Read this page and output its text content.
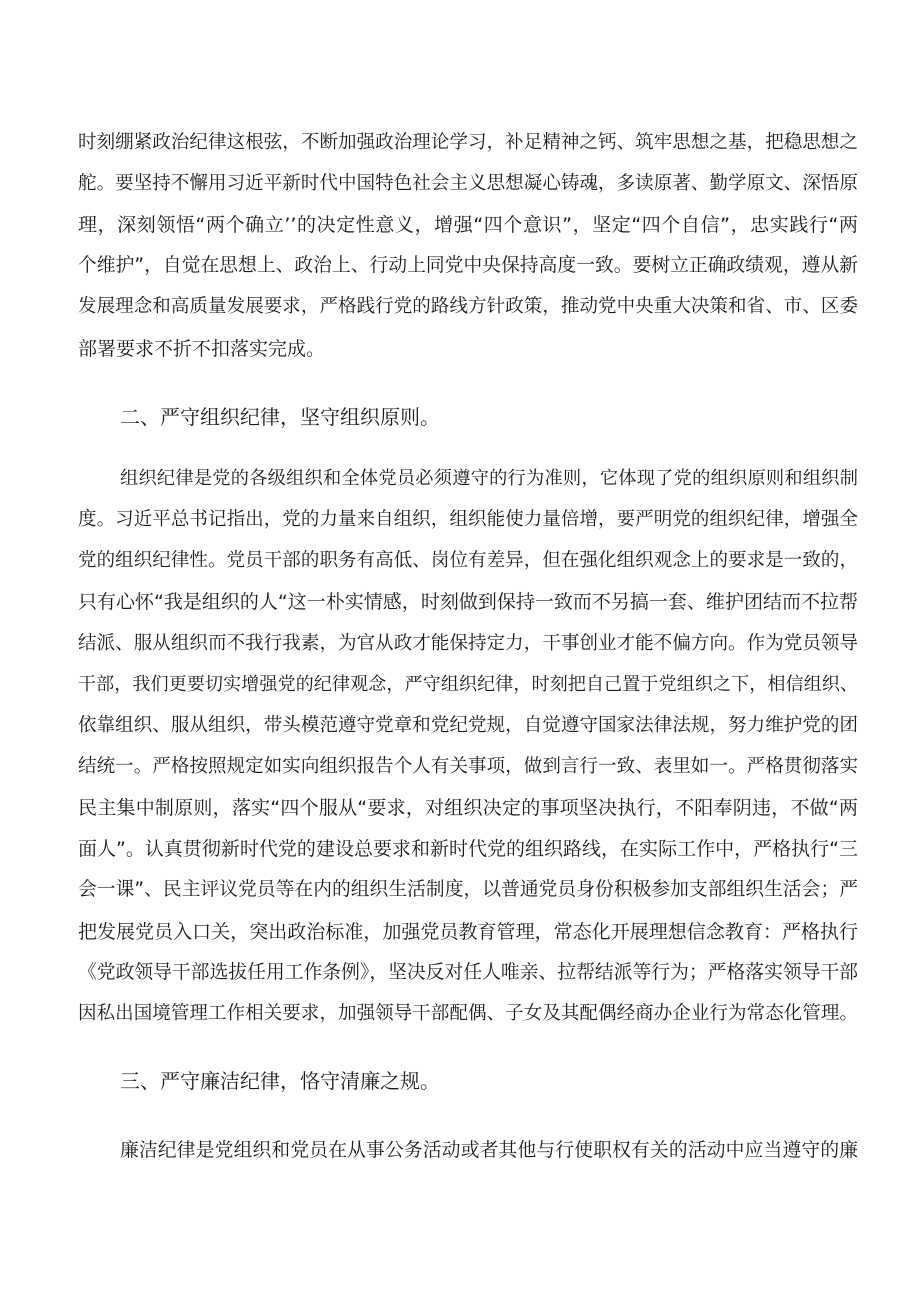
时刻绷紧政治纪律这根弦，不断加强政治理论学习，补足精神之钙、筑牢思想之基，把稳思想之
舵。要坚持不懈用习近平新时代中国特色社会主义思想凝心铸魂，多读原著、勤学原文、深悟原
理，深刻领悟“两个确立’’的决定性意义，增强“四个意识”，坚定“四个自信”，忠实践行“两
个维护”，自觉在思想上、政治上、行动上同党中央保持高度一致。要树立正确政绩观，遵从新
发展理念和高质量发展要求，严格践行党的路线方针政策，推动党中央重大决策和省、市、区委
部署要求不折不扣落实完成。
二、严守组织纪律，坚守组织原则。
组织纪律是党的各级组织和全体党员必须遵守的行为准则，它体现了党的组织原则和组织制
度。习近平总书记指出，党的力量来自组织，组织能使力量倍增，要严明党的组织纪律，增强全
党的组织纪律性。党员干部的职务有高低、岗位有差异，但在强化组织观念上的要求是一致的，
只有心怀“我是组织的人“这一朴实情感，时刻做到保持一致而不另搞一套、维护团结而不拉帮
结派、服从组织而不我行我素，为官从政才能保持定力，干事创业才能不偏方向。作为党员领导
干部，我们更要切实增强党的纪律观念，严守组织纪律，时刻把自己置于党组织之下，相信组织、
依靠组织、服从组织，带头模范遵守党章和党纪党规，自觉遵守国家法律法规，努力维护党的团
结统一。严格按照规定如实向组织报告个人有关事项，做到言行一致、表里如一。严格贯彻落实
民主集中制原则，落实“四个服从“要求，对组织决定的事项坚决执行，不阳奉阴违，不做“两
面人”。认真贯彻新时代党的建设总要求和新时代党的组织路线，在实际工作中，严格执行“三
会一课”、民主评议党员等在内的组织生活制度，以普通党员身份积极参加支部组织生活会；严
把发展党员入口关，突出政治标准，加强党员教育管理，常态化开展理想信念教育：严格执行
《党政领导干部选拔任用工作条例》，坚决反对任人唯亲、拉帮结派等行为；严格落实领导干部
因私出国境管理工作相关要求，加强领导干部配偶、子女及其配偶经商办企业行为常态化管理。
三、严守廉洁纪律，恪守清廉之规。
廉洁纪律是党组织和党员在从事公务活动或者其他与行使职权有关的活动中应当遵守的廉
